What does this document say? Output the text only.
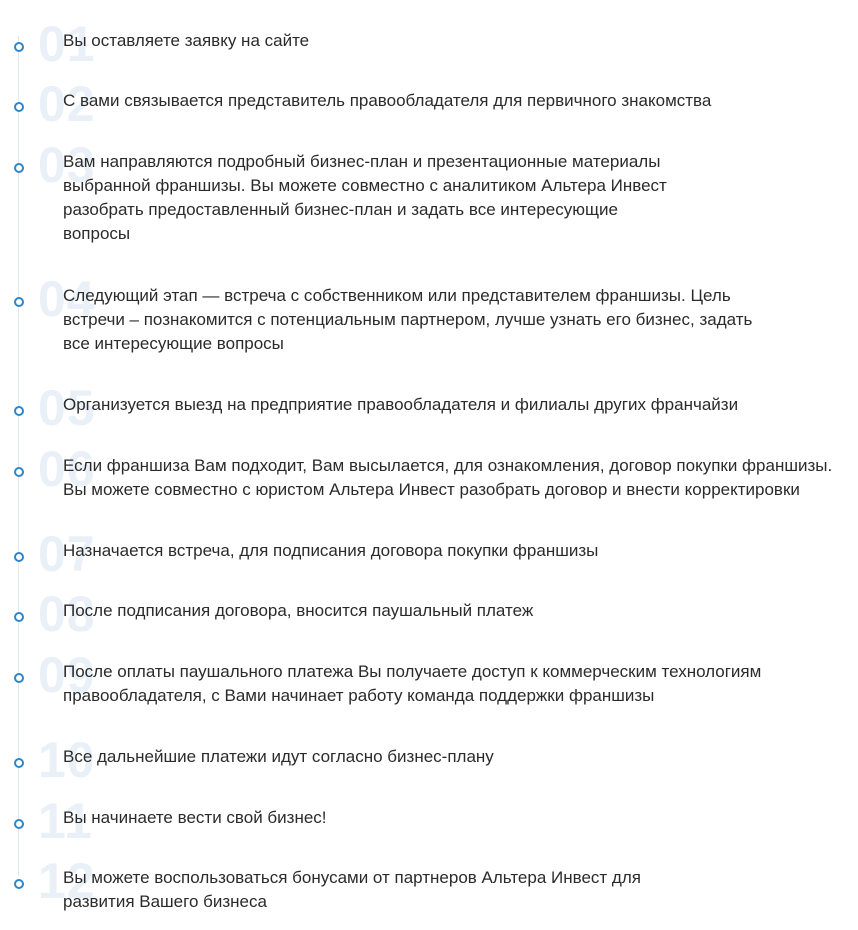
01
Вы оставляете заявку на сайте
02
С вами связывается представитель правообладателя для первичного знакомства
03
Вам направляются подробный бизнес-план и презентационные материалы
выбранной франшизы. Вы можете совместно с аналитиком Альтера Инвест
разобрать предоставленный бизнес-план и задать все интересующие
вопросы
04
Следующий этап — встреча с собственником или представителем франшизы. Цель
встречи – познакомится с потенциальным партнером, лучше узнать его бизнес, задать
все интересующие вопросы
05
Организуется выезд на предприятие правообладателя и филиалы других франчайзи
06
Если франшиза Вам подходит, Вам высылается, для ознакомления, договор покупки франшизы.
Вы можете совместно с юристом Альтера Инвест разобрать договор и внести корректировки
07
Назначается встреча, для подписания договора покупки франшизы
08
После подписания договора, вносится паушальный платеж
09
После оплаты паушального платежа Вы получаете доступ к коммерческим технологиям
правообладателя, с Вами начинает работу команда поддержки франшизы
10
Все дальнейшие платежи идут согласно бизнес-плану
11
Вы начинаете вести свой бизнес!
12
Вы можете воспользоваться бонусами от партнеров Альтера Инвест для
развития Вашего бизнеса
